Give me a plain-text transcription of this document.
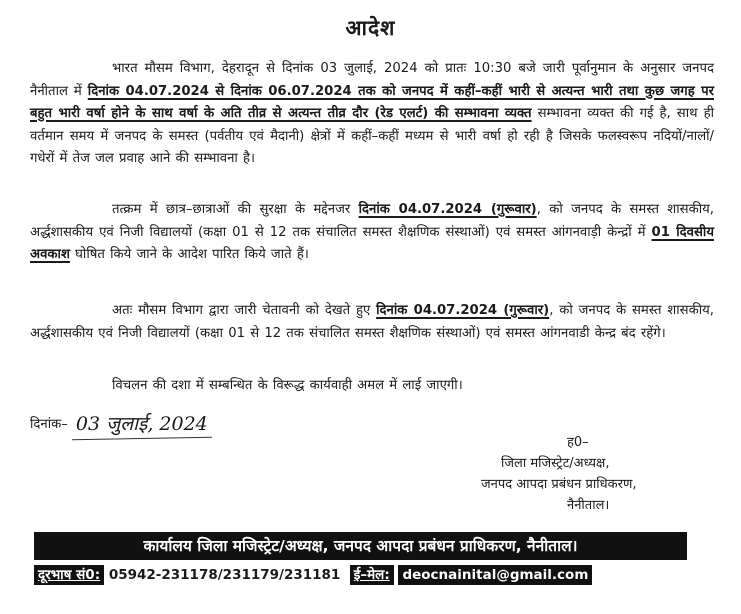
आदेश
भारत मौसम विभाग, देहरादून से दिनांक 03 जुलाई, 2024 को प्रातः 10:30 बजे जारी पूर्वानुमान के अनुसार जनपद नैनीताल में दिनांक 04.07.2024 से दिनांक 06.07.2024 तक को जनपद में कहीं–कहीं भारी से अत्यन्त भारी तथा कुछ जगह पर बहुत भारी वर्षा होने के साथ वर्षा के अति तीव्र से अत्यन्त तीव्र दौर (रेड एलर्ट) की सम्भावना व्यक्त सम्भावना व्यक्त की गई है, साथ ही वर्तमान समय में जनपद के समस्त (पर्वतीय एवं मैदानी) क्षेत्रों में कहीं–कहीं मध्यम से भारी वर्षा हो रही है जिसके फलस्वरूप नदियों/नालों/गधेरों में तेज जल प्रवाह आने की सम्भावना है।
तत्क्रम में छात्र–छात्राओं की सुरक्षा के मद्देनजर दिनांक 04.07.2024 (गुरूवार), को जनपद के समस्त शासकीय, अर्द्धशासकीय एवं निजी विद्यालयों (कक्षा 01 से 12 तक संचालित समस्त शैक्षणिक संस्थाओं) एवं समस्त आंगनवाड़ी केन्द्रों में 01 दिवसीय अवकाश घोषित किये जाने के आदेश पारित किये जाते हैं।
अतः मौसम विभाग द्वारा जारी चेतावनी को देखते हुए दिनांक 04.07.2024 (गुरूवार), को जनपद के समस्त शासकीय, अर्द्धशासकीय एवं निजी विद्यालयों (कक्षा 01 से 12 तक संचालित समस्त शैक्षणिक संस्थाओं) एवं समस्त आंगनवाडी केन्द्र बंद रहेंगे।
विचलन की दशा में सम्बन्धित के विरूद्ध कार्यवाही अमल में लाई जाएगी।
दिनांक– 03 जुलाई, 2024
ह0–
जिला मजिस्ट्रेट/अध्यक्ष,
जनपद आपदा प्रबंधन प्राधिकरण,
नैनीताल।
कार्यालय जिला मजिस्ट्रेट/अध्यक्ष, जनपद आपदा प्रबंधन प्राधिकरण, नैनीताल।
दूरभाष सं0: 05942-231178/231179/231181 ई–मेल: deocnainital@gmail.com
